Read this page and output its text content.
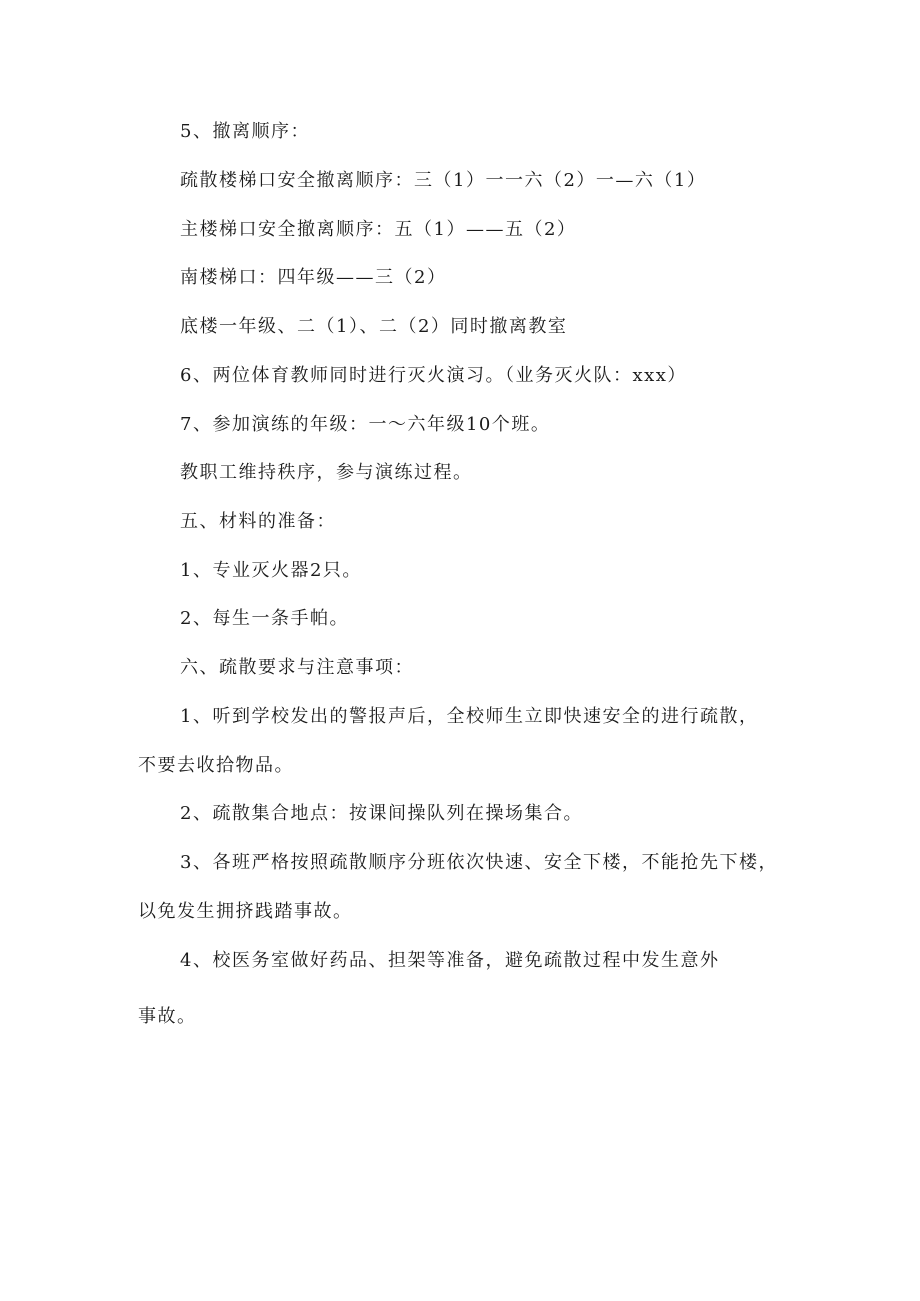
5、撤离顺序：
疏散楼梯口安全撤离顺序：三（1）一一六（2）一—六（1）
主楼梯口安全撤离顺序：五（1）——五（2）
南楼梯口：四年级——三（2）
底楼一年级、二（1）、二（2）同时撤离教室
6、两位体育教师同时进行灭火演习。（业务灭火队：xxx）
7、参加演练的年级：一～六年级10个班。
教职工维持秩序，参与演练过程。
五、材料的准备：
1、专业灭火器2只。
2、每生一条手帕。
六、疏散要求与注意事项：
1、听到学校发出的警报声后，全校师生立即快速安全的进行疏散，
不要去收拾物品。
2、疏散集合地点：按课间操队列在操场集合。
3、各班严格按照疏散顺序分班依次快速、安全下楼，不能抢先下楼，
以免发生拥挤践踏事故。
4、校医务室做好药品、担架等准备，避免疏散过程中发生意外
事故。
